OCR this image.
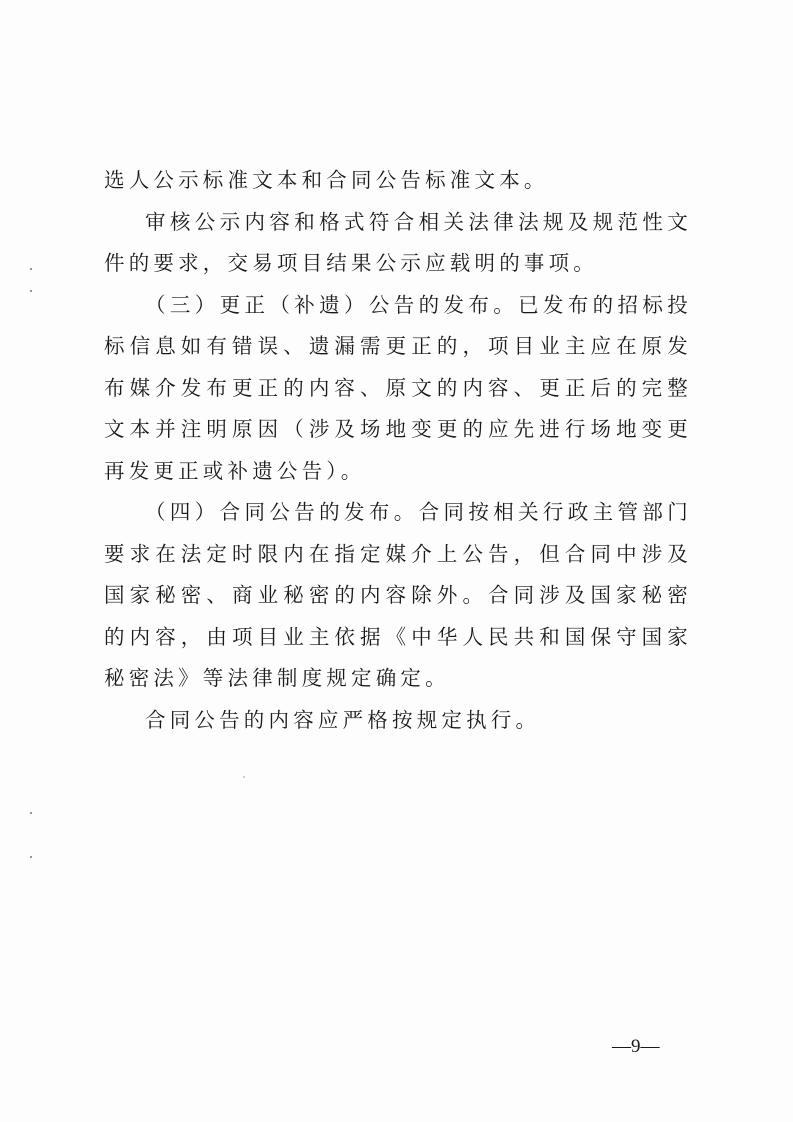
选人公示标准文本和合同公告标准文本。

审核公示内容和格式符合相关法律法规及规范性文件的要求，交易项目结果公示应载明的事项。

（三）更正（补遗）公告的发布。已发布的招标投标信息如有错误、遗漏需更正的，项目业主应在原发布媒介发布更正的内容、原文的内容、更正后的完整文本并注明原因（涉及场地变更的应先进行场地变更再发更正或补遗公告）。

（四）合同公告的发布。合同按相关行政主管部门要求在法定时限内在指定媒介上公告，但合同中涉及国家秘密、商业秘密的内容除外。合同涉及国家秘密的内容，由项目业主依据《中华人民共和国保守国家秘密法》等法律制度规定确定。

合同公告的内容应严格按规定执行。

—9—
